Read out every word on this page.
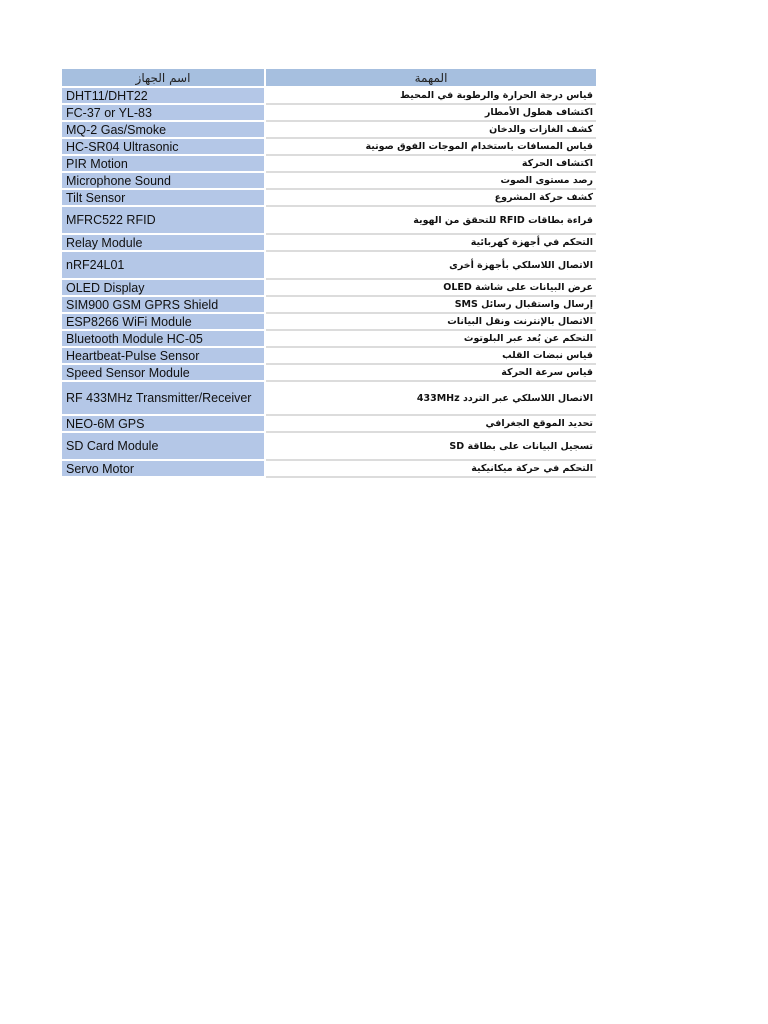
اسم الجهاز	المهمة
DHT11/DHT22	قياس درجة الحرارة والرطوبة في المحيط
FC-37 or YL-83	اكتشاف هطول الأمطار
MQ-2 Gas/Smoke	كشف الغازات والدخان
HC-SR04 Ultrasonic	قياس المسافات باستخدام الموجات الفوق صوتية
PIR Motion	اكتشاف الحركة
Microphone Sound	رصد مستوى الصوت
Tilt Sensor	كشف حركة المشروع
MFRC522 RFID	قراءة بطاقات RFID للتحقق من الهوية
Relay Module	التحكم في أجهزة كهربائية
nRF24L01	الاتصال اللاسلكي بأجهزة أخرى
OLED Display	عرض البيانات على شاشة OLED
SIM900 GSM GPRS Shield	إرسال واستقبال رسائل SMS
ESP8266 WiFi Module	الاتصال بالإنترنت ونقل البيانات
Bluetooth Module HC-05	التحكم عن بُعد عبر البلوتوث
Heartbeat-Pulse Sensor	قياس نبضات القلب
Speed Sensor Module	قياس سرعة الحركة
RF 433MHz Transmitter/Receiver	الاتصال اللاسلكي عبر التردد 433MHz
NEO-6M GPS	تحديد الموقع الجغرافي
SD Card Module	تسجيل البيانات على بطاقة SD
Servo Motor	التحكم في حركة ميكانيكية
